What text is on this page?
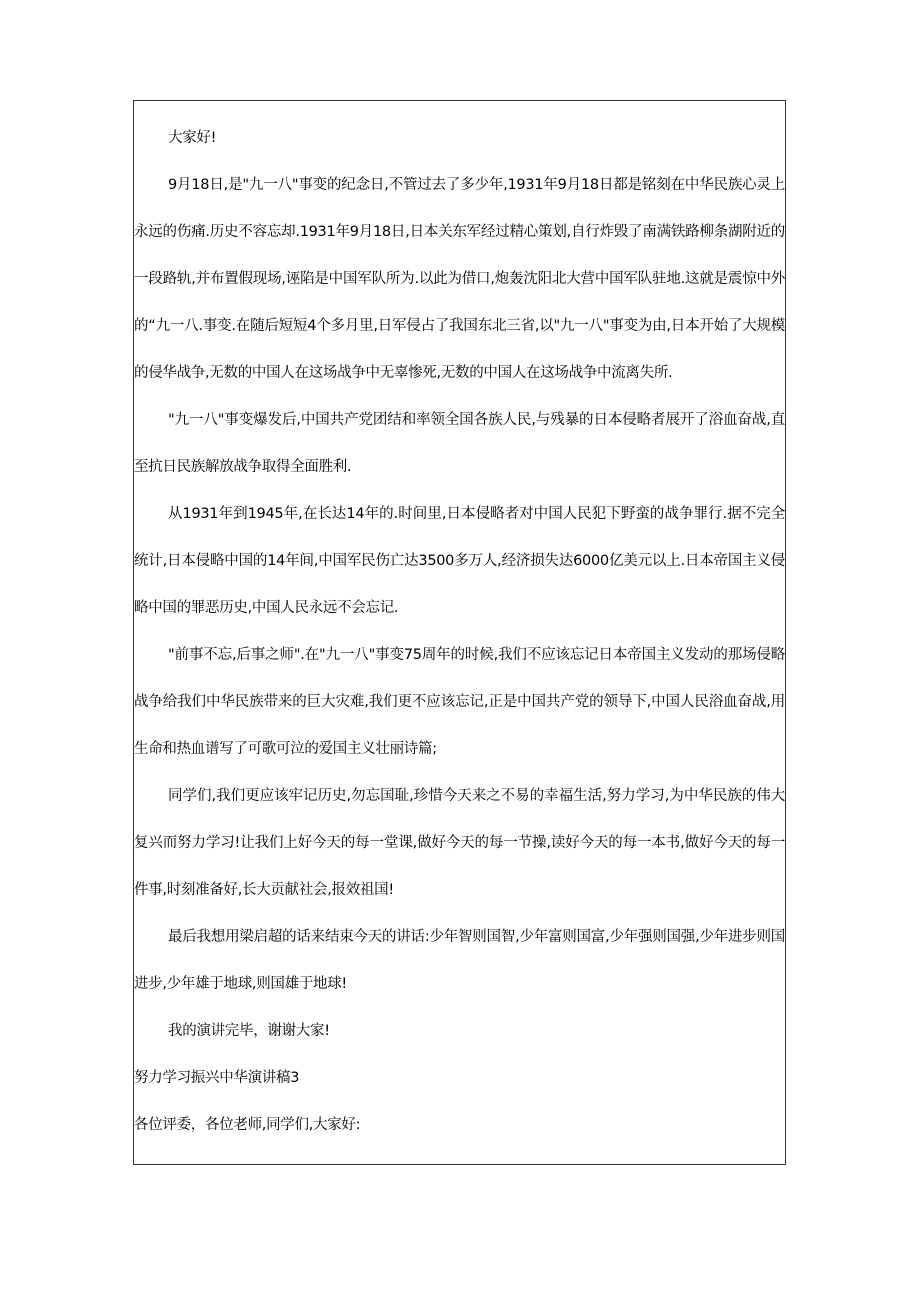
大家好!

9月18日,是"九一八"事变的纪念日,不管过去了多少年,1931年9月18日都是铭刻在中华民族心灵上永远的伤痛.历史不容忘却.1931年9月18日,日本关东军经过精心策划,自行炸毁了南满铁路柳条湖附近的一段路轨,并布置假现场,诬陷是中国军队所为.以此为借口,炮轰沈阳北大营中国军队驻地.这就是震惊中外的“九一八.事变.在随后短短4个多月里,日军侵占了我国东北三省,以"九一八"事变为由,日本开始了大规模的侵华战争,无数的中国人在这场战争中无辜惨死,无数的中国人在这场战争中流离失所.

"九一八"事变爆发后,中国共产党团结和率领全国各族人民,与残暴的日本侵略者展开了浴血奋战,直至抗日民族解放战争取得全面胜利.

从1931年到1945年,在长达14年的.时间里,日本侵略者对中国人民犯下野蛮的战争罪行.据不完全统计,日本侵略中国的14年间,中国军民伤亡达3500多万人,经济损失达6000亿美元以上.日本帝国主义侵略中国的罪恶历史,中国人民永远不会忘记.

"前事不忘,后事之师".在"九一八"事变75周年的时候,我们不应该忘记日本帝国主义发动的那场侵略战争给我们中华民族带来的巨大灾难,我们更不应该忘记,正是中国共产党的领导下,中国人民浴血奋战,用生命和热血谱写了可歌可泣的爱国主义壮丽诗篇;

同学们,我们更应该牢记历史,勿忘国耻,珍惜今天来之不易的幸福生活,努力学习,为中华民族的伟大复兴而努力学习!让我们上好今天的每一堂课,做好今天的每一节操,读好今天的每一本书,做好今天的每一件事,时刻准备好,长大贡献社会,报效祖国!

最后我想用梁启超的话来结束今天的讲话:少年智则国智,少年富则国富,少年强则国强,少年进步则国进步,少年雄于地球,则国雄于地球!

我的演讲完毕，谢谢大家!

努力学习振兴中华演讲稿3

各位评委，各位老师,同学们,大家好:
